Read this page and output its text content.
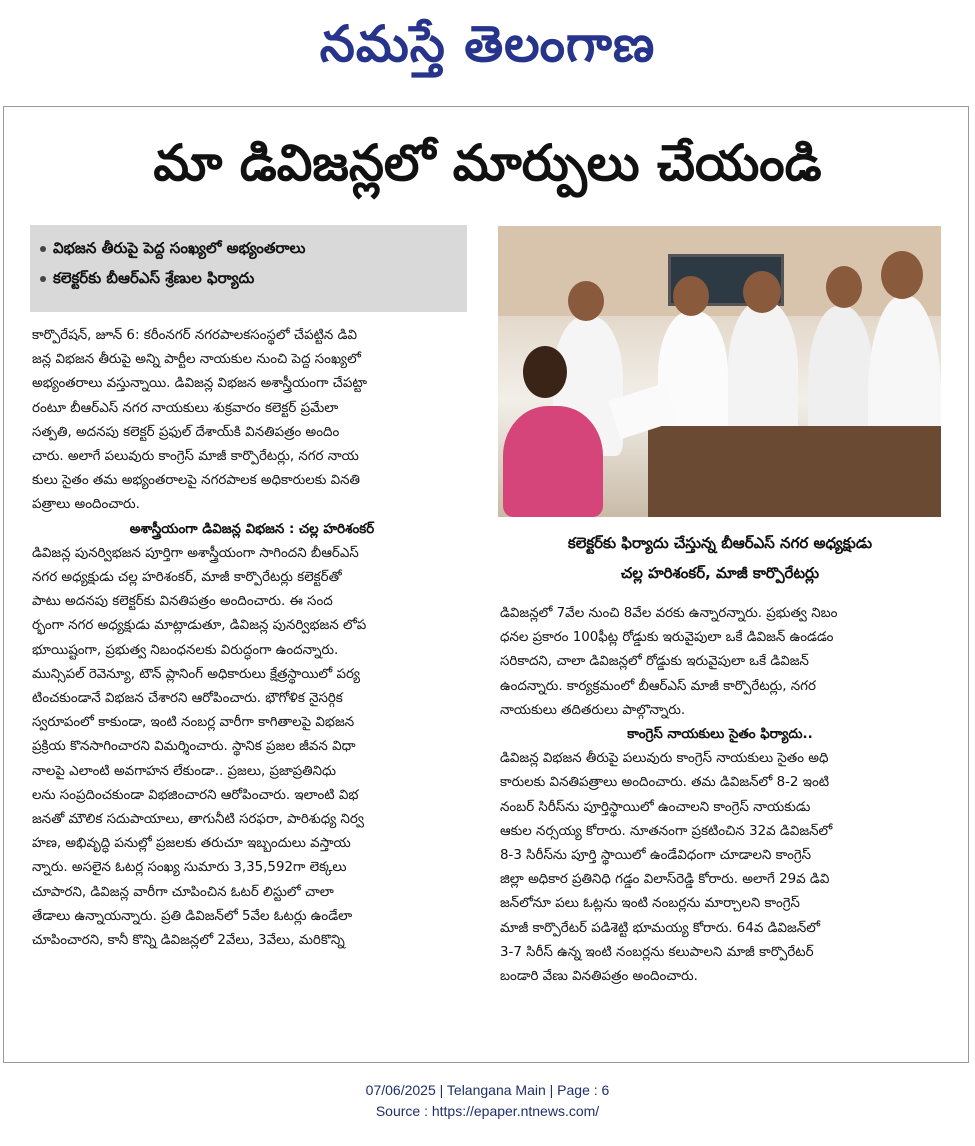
నమస్తే తెలంగాణ
మా డివిజన్లలో మార్పులు చేయండి
విభజన తీరుపై పెద్ద సంఖ్యలో అభ్యంతరాలు
కలెక్టర్‌కు బీఆర్‌ఎస్‌ శ్రేణుల ఫిర్యాదు
కార్పొరేషన్‌, జూన్‌ 6: కరీంనగర్‌ నగరపాలకసంస్థలో చేపట్టిన డివి
జన్ల విభజన తీరుపై అన్ని పార్టీల నాయకుల నుంచి పెద్ద సంఖ్యలో
అభ్యంతరాలు వస్తున్నాయి. డివిజన్ల విభజన అశాస్త్రీయంగా చేపట్టా
రంటూ బీఆర్‌ఎస్‌ నగర నాయకులు శుక్రవారం కలెక్టర్‌ ప్రమేలా
సత్పతి, అదనపు కలెక్టర్‌ ప్రఫుల్‌ దేశాయ్‌కి వినతిపత్రం అందిం
చారు. అలాగే పలువురు కాంగ్రెస్‌ మాజీ కార్పొరేటర్లు, నగర నాయ
కులు సైతం తమ అభ్యంతరాలపై నగరపాలక అధికారులకు వినతి
పత్రాలు అందించారు.
అశాస్త్రీయంగా డివిజన్ల విభజన : చల్ల హరిశంకర్‌
డివిజన్ల పునర్విభజన పూర్తిగా అశాస్త్రీయంగా సాగిందని బీఆర్‌ఎస్‌
నగర అధ్యక్షుడు చల్ల హరిశంకర్‌, మాజీ కార్పొరేటర్లు కలెక్టర్‌తో
పాటు అదనపు కలెక్టర్‌కు వినతిపత్రం అందించారు. ఈ సంద
ర్భంగా నగర అధ్యక్షుడు మాట్లాడుతూ, డివిజన్ల పునర్విభజన లోప
భూయిష్టంగా, ప్రభుత్వ నిబంధనలకు విరుద్ధంగా ఉందన్నారు.
మున్సిపల్‌ రెవెన్యూ, టౌన్‌ ప్లానింగ్‌ అధికారులు క్షేత్రస్థాయిలో పర్య
టించకుండానే విభజన చేశారని ఆరోపించారు. భౌగోళిక నైసర్గిక
స్వరూపంలో కాకుండా, ఇంటి నంబర్ల వారీగా కాగితాలపై విభజన
ప్రక్రియ కొనసాగించారని విమర్శించారు. స్థానిక ప్రజల జీవన విధా
నాలపై ఎలాంటి అవగాహన లేకుండా.. ప్రజలు, ప్రజాప్రతినిధు
లను సంప్రదించకుండా విభజించారని ఆరోపించారు. ఇలాంటి విభ
జనతో మౌలిక సదుపాయాలు, తాగునీటి సరఫరా, పారిశుధ్య నిర్వ
హణ, అభివృద్ధి పనుల్లో ప్రజలకు తరుచూ ఇబ్బందులు వస్తాయ
న్నారు. అసలైన ఓటర్ల సంఖ్య సుమారు 3,35,592గా లెక్కలు
చూపారని, డివిజన్ల వారీగా చూపించిన ఓటర్‌ లిస్టులో చాలా
తేడాలు ఉన్నాయన్నారు. ప్రతి డివిజన్‌లో 5వేల ఓటర్లు ఉండేలా
చూపించారని, కానీ కొన్ని డివిజన్లలో 2వేలు, 3వేలు, మరికొన్ని
కలెక్టర్‌కు ఫిర్యాదు చేస్తున్న బీఆర్‌ఎస్‌ నగర అధ్యక్షుడు
చల్ల హరిశంకర్‌, మాజీ కార్పొరేటర్లు
డివిజన్లలో 7వేల నుంచి 8వేల వరకు ఉన్నారన్నారు. ప్రభుత్వ నిబం
ధనల ప్రకారం 100ఫీట్ల రోడ్డుకు ఇరువైపులా ఒకే డివిజన్‌ ఉండడం
సరికాదని, చాలా డివిజన్లలో రోడ్డుకు ఇరువైపులా ఒకే డివిజన్‌
ఉందన్నారు. కార్యక్రమంలో బీఆర్‌ఎస్‌ మాజీ కార్పొరేటర్లు, నగర
నాయకులు తదితరులు పాల్గొన్నారు.
కాంగ్రెస్‌ నాయకులు సైతం ఫిర్యాదు..
డివిజన్ల విభజన తీరుపై పలువురు కాంగ్రెస్‌ నాయకులు సైతం అధి
కారులకు వినతిపత్రాలు అందించారు. తమ డివిజన్‌లో 8-2 ఇంటి
నంబర్‌ సిరీస్‌ను పూర్తిస్థాయిలో ఉంచాలని కాంగ్రెస్‌ నాయకుడు
ఆకుల నర్సయ్య కోరారు. నూతనంగా ప్రకటించిన 32వ డివిజన్‌లో
8-3 సిరీస్‌ను పూర్తి స్థాయిలో ఉండేవిధంగా చూడాలని కాంగ్రెస్‌
జిల్లా అధికార ప్రతినిధి గడ్డం విలాస్‌రెడ్డి కోరారు. అలాగే 29వ డివి
జన్‌లోనూ పలు ఓట్లను ఇంటి నంబర్లను మార్చాలని కాంగ్రెస్‌
మాజీ కార్పొరేటర్‌ పడిశెట్టి భూమయ్య కోరారు. 64వ డివిజన్‌లో
3-7 సిరీస్‌ ఉన్న ఇంటి నంబర్లను కలుపాలని మాజీ కార్పొరేటర్‌
బండారి వేణు వినతిపత్రం అందించారు.
07/06/2025 | Telangana Main | Page : 6
Source : https://epaper.ntnews.com/
